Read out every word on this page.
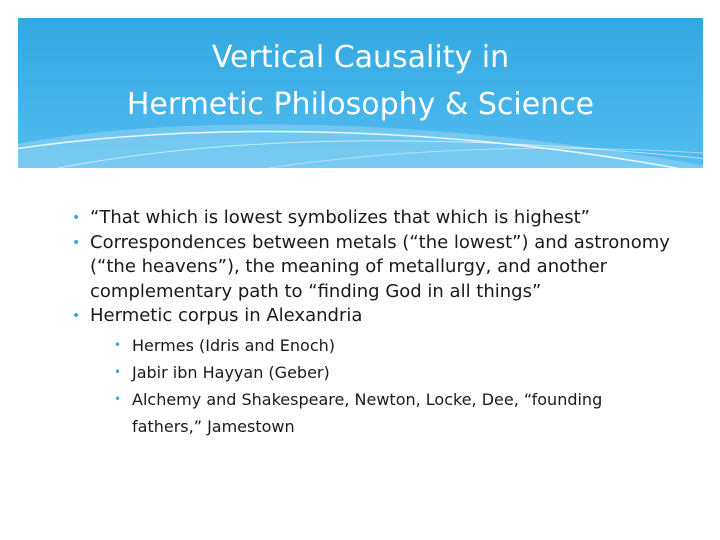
Vertical Causality in
Hermetic Philosophy & Science
• “That which is lowest symbolizes that which is highest”
• Correspondences between metals (“the lowest”) and astronomy (“the heavens”), the meaning of metallurgy, and another complementary path to “finding God in all things”
• Hermetic corpus in Alexandria
• Hermes (Idris and Enoch)
• Jabir ibn Hayyan (Geber)
• Alchemy and Shakespeare, Newton, Locke, Dee, “founding fathers,” Jamestown
